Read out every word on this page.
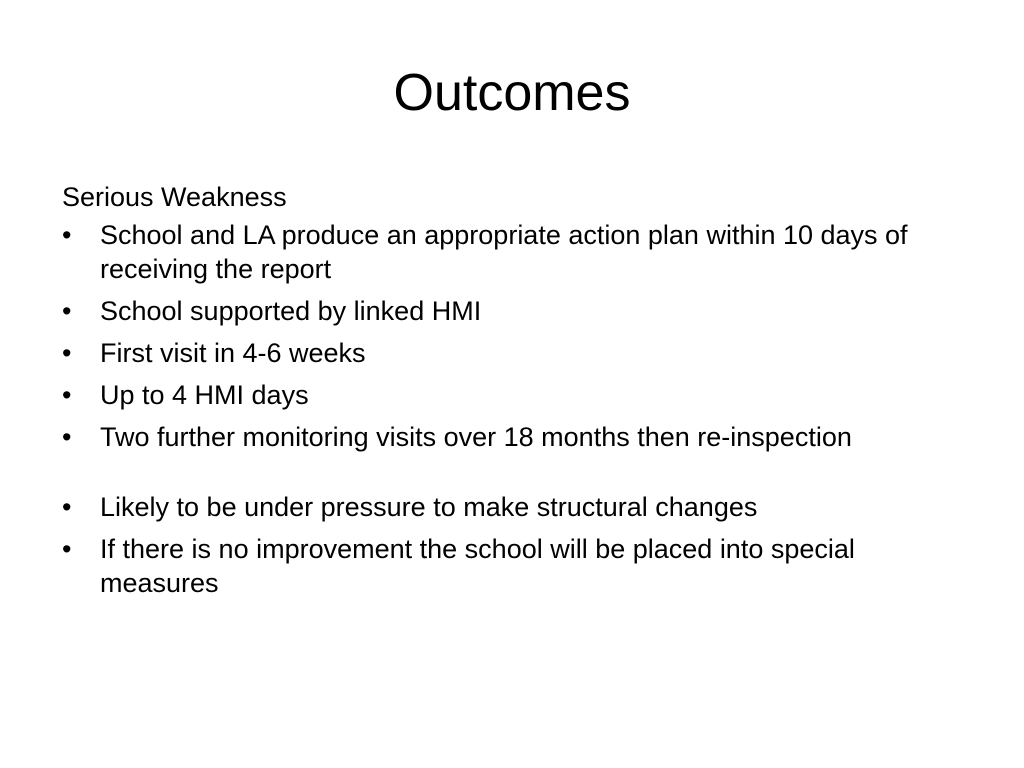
Outcomes
Serious Weakness
•	School and LA produce an appropriate action plan within 10 days of receiving the report
•	School supported by linked HMI
•	First visit in 4-6 weeks
•	Up to 4 HMI days
•	Two further monitoring visits over 18 months then re-inspection
•	Likely to be under pressure to make structural changes
•	If there is no improvement the school will be placed into special measures
